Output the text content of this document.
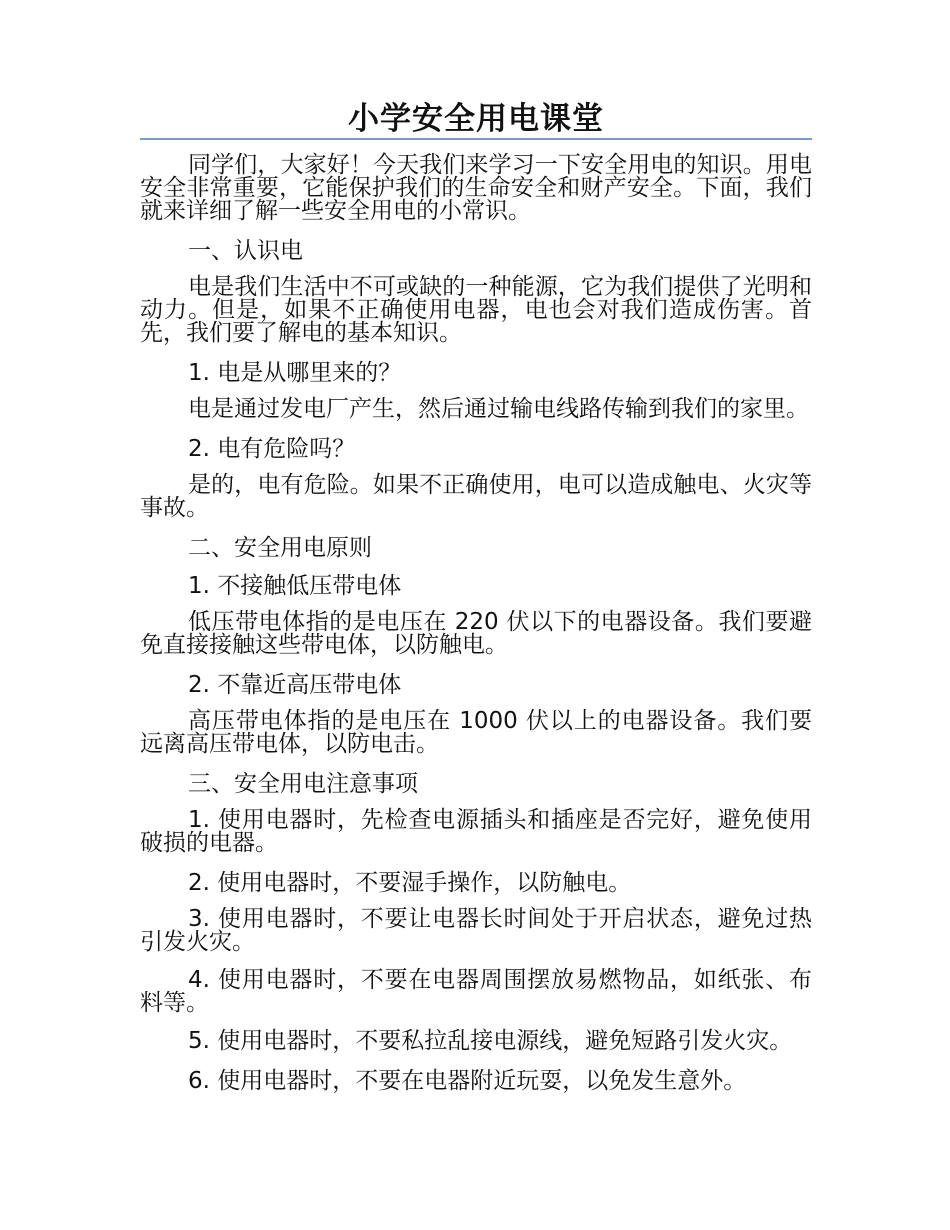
小学安全用电课堂

同学们，大家好！今天我们来学习一下安全用电的知识。用电安全非常重要，它能保护我们的生命安全和财产安全。下面，我们就来详细了解一些安全用电的小常识。

一、认识电

电是我们生活中不可或缺的一种能源，它为我们提供了光明和动力。但是，如果不正确使用电器，电也会对我们造成伤害。首先，我们要了解电的基本知识。

1. 电是从哪里来的？

电是通过发电厂产生，然后通过输电线路传输到我们的家里。

2. 电有危险吗？

是的，电有危险。如果不正确使用，电可以造成触电、火灾等事故。

二、安全用电原则

1. 不接触低压带电体

低压带电体指的是电压在 220 伏以下的电器设备。我们要避免直接接触这些带电体，以防触电。

2. 不靠近高压带电体

高压带电体指的是电压在 1000 伏以上的电器设备。我们要远离高压带电体，以防电击。

三、安全用电注意事项

1. 使用电器时，先检查电源插头和插座是否完好，避免使用破损的电器。

2. 使用电器时，不要湿手操作，以防触电。

3. 使用电器时，不要让电器长时间处于开启状态，避免过热引发火灾。

4. 使用电器时，不要在电器周围摆放易燃物品，如纸张、布料等。

5. 使用电器时，不要私拉乱接电源线，避免短路引发火灾。

6. 使用电器时，不要在电器附近玩耍，以免发生意外。
